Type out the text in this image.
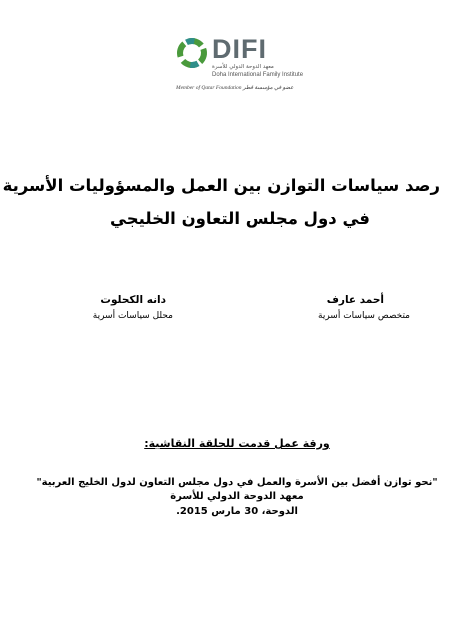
DIFI
معهد الدوحة الدولي للأسرة
Doha International Family Institute
Member of Qatar Foundation عضو في مؤسسة قطر
رصد سياسات التوازن بين العمل والمسؤوليات الأسرية
في دول مجلس التعاون الخليجي
أحمد عارف
متخصص سياسات أسرية
دانه الكحلوت
محلل سياسات أسرية
ورقة عمل قدمت للحلقة النقاشية:
"نحو توازن أفضل بين الأسرة والعمل في دول مجلس التعاون لدول الخليج العربية"
معهد الدوحة الدولي للأسرة
الدوحة، 30 مارس 2015.
